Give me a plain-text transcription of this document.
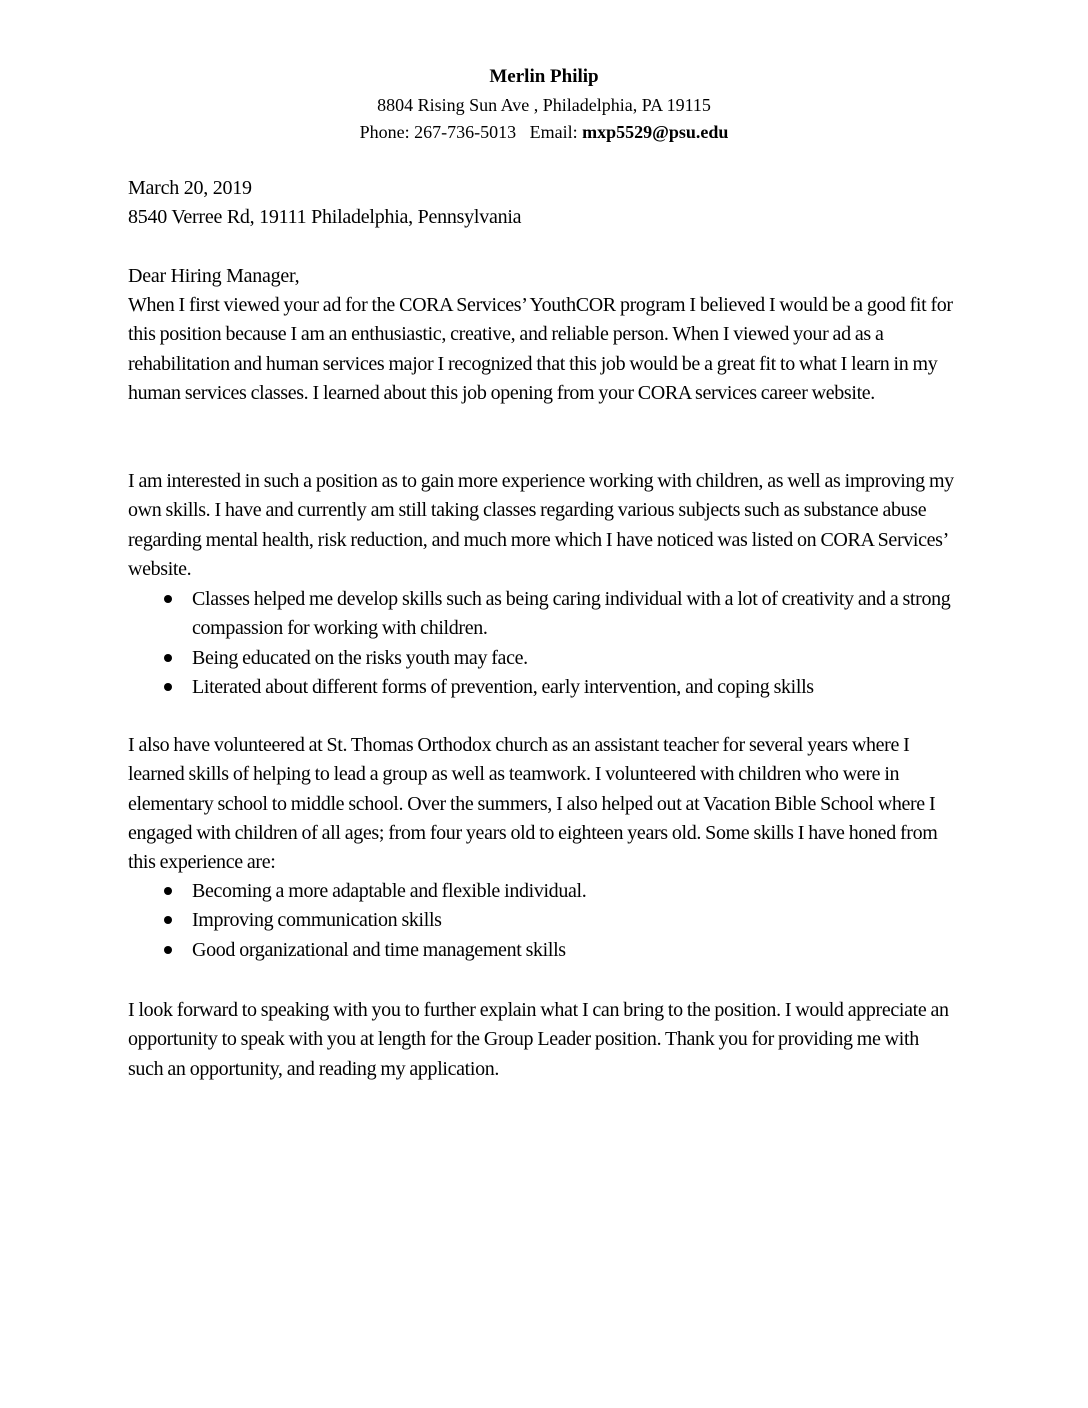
Merlin Philip
8804 Rising Sun Ave , Philadelphia, PA 19115
Phone: 267-736-5013 Email: mxp5529@psu.edu
March 20, 2019
8540 Verree Rd, 19111 Philadelphia, Pennsylvania
Dear Hiring Manager,
When I first viewed your ad for the CORA Services’ YouthCOR program I believed I would be a good fit for this position because I am an enthusiastic, creative, and reliable person. When I viewed your ad as a rehabilitation and human services major I recognized that this job would be a great fit to what I learn in my human services classes. I learned about this job opening from your CORA services career website.
I am interested in such a position as to gain more experience working with children, as well as improving my own skills. I have and currently am still taking classes regarding various subjects such as substance abuse regarding mental health, risk reduction, and much more which I have noticed was listed on CORA Services’ website.
Classes helped me develop skills such as being caring individual with a lot of creativity and a strong compassion for working with children.
Being educated on the risks youth may face.
Literated about different forms of prevention, early intervention, and coping skills
I also have volunteered at St. Thomas Orthodox church as an assistant teacher for several years where I learned skills of helping to lead a group as well as teamwork. I volunteered with children who were in elementary school to middle school. Over the summers, I also helped out at Vacation Bible School where I engaged with children of all ages; from four years old to eighteen years old. Some skills I have honed from this experience are:
Becoming a more adaptable and flexible individual.
Improving communication skills
Good organizational and time management skills
I look forward to speaking with you to further explain what I can bring to the position. I would appreciate an opportunity to speak with you at length for the Group Leader position. Thank you for providing me with such an opportunity, and reading my application.
